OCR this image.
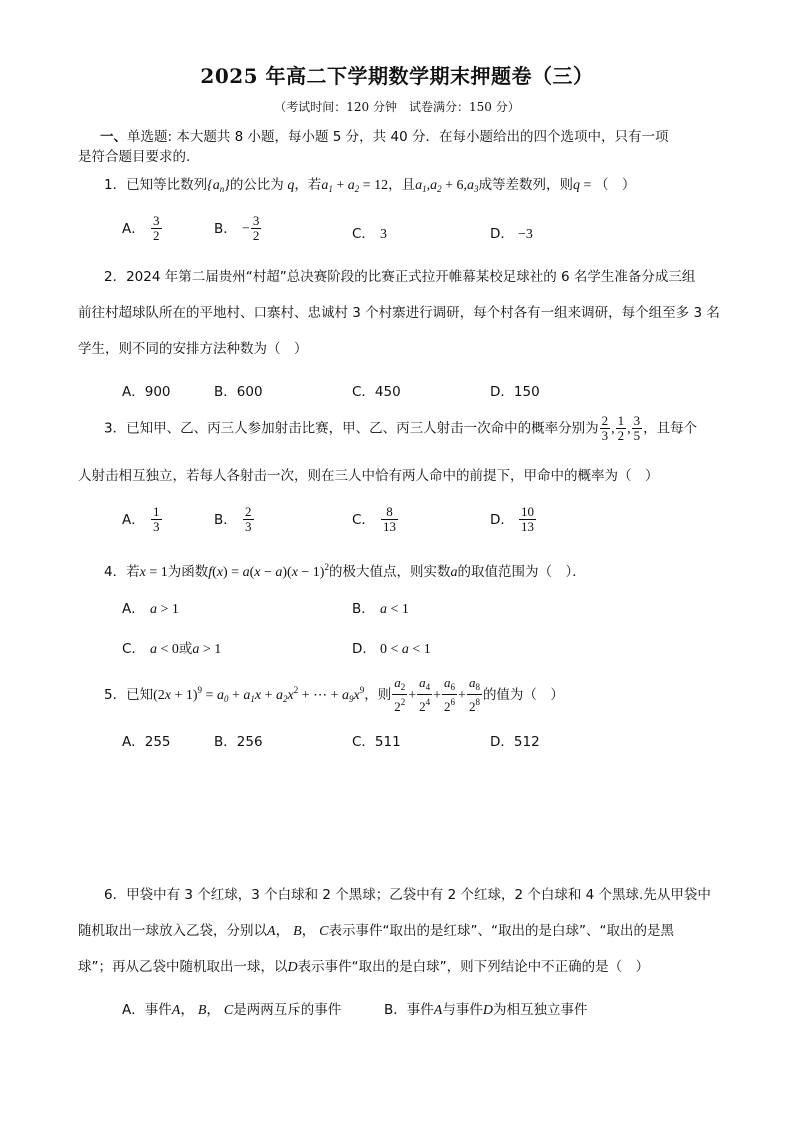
2025 年高二下学期数学期末押题卷（三）
（考试时间：120 分钟　试卷满分：150 分）
一、单选题: 本大题共 8 小题，每小题 5 分，共 40 分．在每小题给出的四个选项中，只有一项
是符合题目要求的.
1．已知等比数列$\{a_n\}$的公比为 q，若$a_1 + a_2 = 12$，且$a_1,a_2 + 6,a_3$成等差数列，则q = （　）
A． $\frac{3}{2}$	B． − $\frac{3}{2}$	C． 3	D． −3
2．2024 年第二届贵州“村超”总决赛阶段的比赛正式拉开帷幕某校足球社的 6 名学生准备分成三组
前往村超球队所在的平地村、口寨村、忠诚村 3 个村寨进行调研，每个村各有一组来调研，每个组至多 3 名
学生，则不同的安排方法种数为（　）
A．900	B．600	C．450	D．150
3．已知甲、乙、丙三人参加射击比赛，甲、乙、丙三人射击一次命中的概率分别为 $\frac{2}{3}$ , $\frac{1}{2}$ , $\frac{3}{5}$ ，且每个
人射击相互独立，若每人各射击一次，则在三人中恰有两人命中的前提下，甲命中的概率为（　）
A． $\frac{1}{3}$	B． $\frac{2}{3}$	C． $\frac{8}{13}$	D． $\frac{10}{13}$
4．若x = 1为函数$f(x) = a(x - a)(x - 1)^2$的极大值点，则实数a的取值范围为（　）．
A． a > 1	B． a < 1
C． a < 0或a > 1	D． 0 < a < 1
5．已知$(2x + 1)^9 = a_0 + a_1x + a_2x^2$ + ⋯ + $a_9x^9$，则 $\frac{a_2}{2^2} + \frac{a_4}{2^4} + \frac{a_6}{2^6} + \frac{a_8}{2^8}$ 的值为（　）
A．255	B．256	C．511	D．512
6．甲袋中有 3 个红球，3 个白球和 2 个黑球；乙袋中有 2 个红球，2 个白球和 4 个黑球.先从甲袋中
随机取出一球放入乙袋，分别以A， B， C表示事件“取出的是红球”、“取出的是白球”、“取出的是黑
球”；再从乙袋中随机取出一球，以D表示事件“取出的是白球”，则下列结论中不正确的是（　）
A．事件A， B， C是两两互斥的事件	B．事件A与事件D为相互独立事件
